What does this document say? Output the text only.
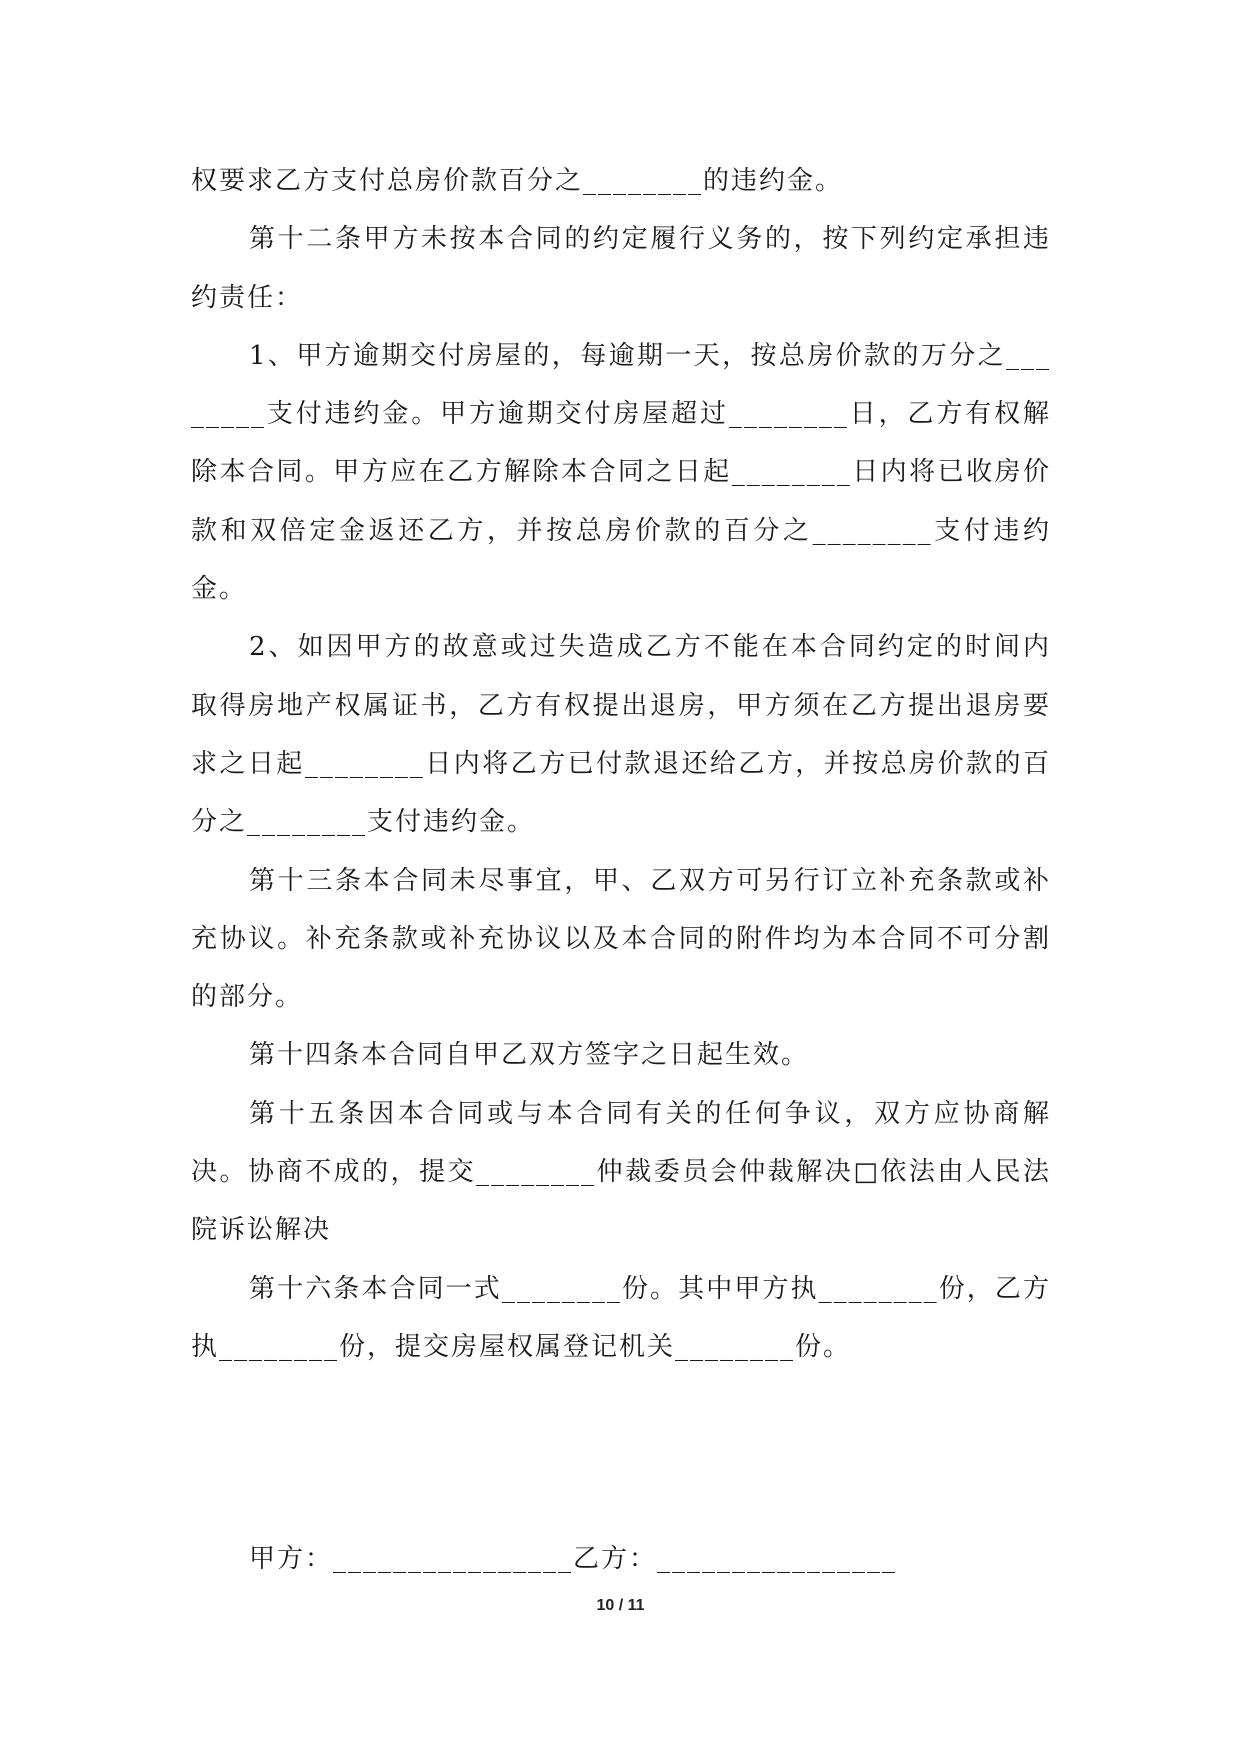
权要求乙方支付总房价款百分之________的违约金。

第十二条甲方未按本合同的约定履行义务的，按下列约定承担违约责任：

1、甲方逾期交付房屋的，每逾期一天，按总房价款的万分之________支付违约金。甲方逾期交付房屋超过________日，乙方有权解除本合同。甲方应在乙方解除本合同之日起________日内将已收房价款和双倍定金返还乙方，并按总房价款的百分之________支付违约金。

2、如因甲方的故意或过失造成乙方不能在本合同约定的时间内取得房地产权属证书，乙方有权提出退房，甲方须在乙方提出退房要求之日起________日内将乙方已付款退还给乙方，并按总房价款的百分之________支付违约金。

第十三条本合同未尽事宜，甲、乙双方可另行订立补充条款或补充协议。补充条款或补充协议以及本合同的附件均为本合同不可分割的部分。

第十四条本合同自甲乙双方签字之日起生效。

第十五条因本合同或与本合同有关的任何争议，双方应协商解决。协商不成的，提交________仲裁委员会仲裁解决□依法由人民法院诉讼解决

第十六条本合同一式________份。其中甲方执________份，乙方执________份，提交房屋权属登记机关________份。

甲方：________________乙方：________________
10 / 11
